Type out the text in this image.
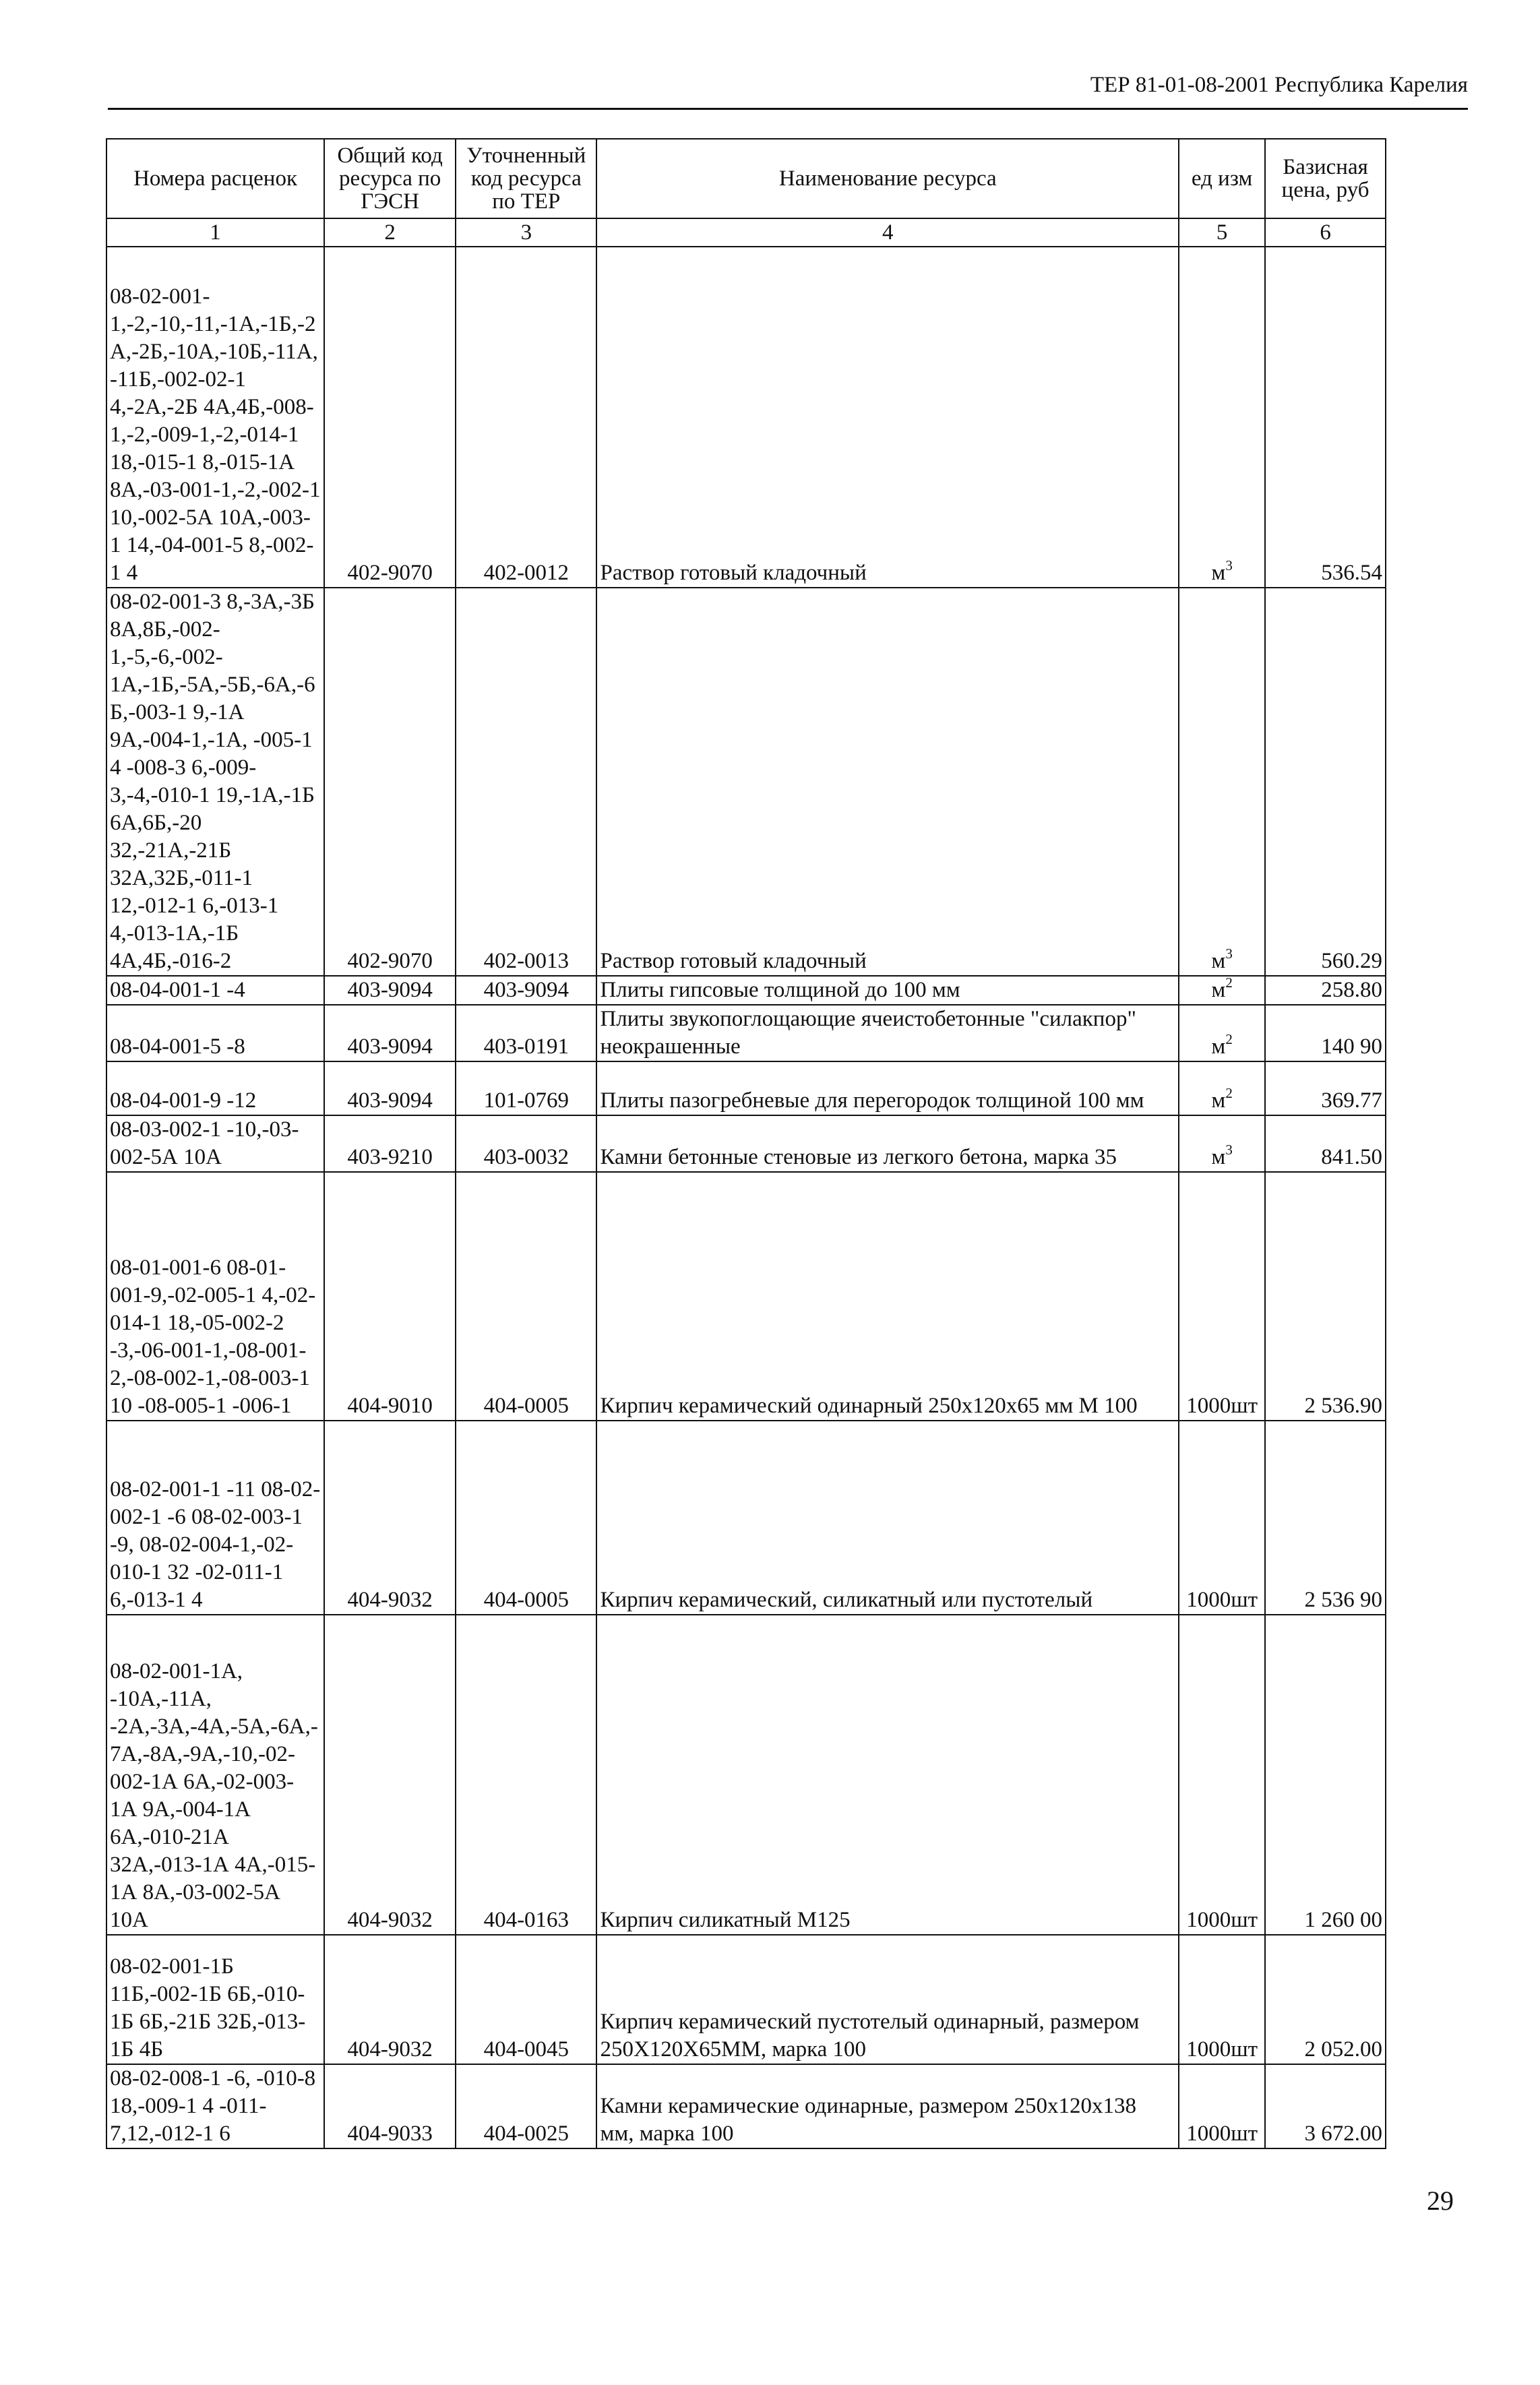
ТЕР 81-01-08-2001 Республика Карелия
Номера расценок	Общий код ресурса по ГЭСН	Уточненный код ресурса по ТЕР	Наименование ресурса	ед изм	Базисная цена, руб
1	2	3	4	5	6
08-02-001-1,-2,-10,-11,-1А,-1Б,-2А,-2Б,-10А,-10Б,-11А,-11Б,-002-02-1 4,-2А,-2Б 4А,4Б,-008-1,-2,-009-1,-2,-014-1 18,-015-1 8,-015-1А 8А,-03-001-1,-2,-002-1 10,-002-5А 10А,-003-1 14,-04-001-5 8,-002-1 4	402-9070	402-0012	Раствор готовый кладочный	$м^3$	536.54
08-02-001-3 8,-3А,-3Б 8А,8Б,-002-1,-5,-6,-002-1А,-1Б,-5А,-5Б,-6А,-6Б,-003-1 9,-1А 9А,-004-1,-1А, -005-1 4 -008-3 6,-009-3,-4,-010-1 19,-1А,-1Б 6А,6Б,-20 32,-21А,-21Б 32А,32Б,-011-1 12,-012-1 6,-013-1 4,-013-1А,-1Б 4А,4Б,-016-2	402-9070	402-0013	Раствор готовый кладочный	$м^3$	560.29
08-04-001-1 -4	403-9094	403-9094	Плиты гипсовые толщиной до 100 мм	$м^2$	258.80
08-04-001-5 -8	403-9094	403-0191	Плиты звукопоглощающие ячеистобетонные "силакпор" неокрашенные	$м^2$	140 90
08-04-001-9 -12	403-9094	101-0769	Плиты пазогребневые для перегородок толщиной 100 мм	$м^2$	369.77
08-03-002-1 -10,-03-002-5А 10А	403-9210	403-0032	Камни бетонные стеновые из легкого бетона, марка 35	$м^3$	841.50
08-01-001-6 08-01-001-9,-02-005-1 4,-02-014-1 18,-05-002-2 -3,-06-001-1,-08-001-2,-08-002-1,-08-003-1 10 -08-005-1 -006-1	404-9010	404-0005	Кирпич керамический одинарный 250х120х65 мм М 100	1000шт	2 536.90
08-02-001-1 -11 08-02-002-1 -6 08-02-003-1 -9, 08-02-004-1,-02-010-1 32 -02-011-1 6,-013-1 4	404-9032	404-0005	Кирпич керамический, силикатный или пустотелый	1000шт	2 536 90
08-02-001-1А, -10А,-11А, -2А,-3А,-4А,-5А,-6А,-7А,-8А,-9А,-10,-02-002-1А 6А,-02-003-1А 9А,-004-1А 6А,-010-21А 32А,-013-1А 4А,-015-1А 8А,-03-002-5А 10А	404-9032	404-0163	Кирпич силикатный М125	1000шт	1 260 00
08-02-001-1Б 11Б,-002-1Б 6Б,-010-1Б 6Б,-21Б 32Б,-013-1Б 4Б	404-9032	404-0045	Кирпич керамический пустотелый одинарный, размером 250Х120Х65ММ, марка 100	1000шт	2 052.00
08-02-008-1 -6, -010-8 18,-009-1 4 -011-7,12,-012-1 6	404-9033	404-0025	Камни керамические одинарные, размером 250х120х138 мм, марка 100	1000шт	3 672.00
29
